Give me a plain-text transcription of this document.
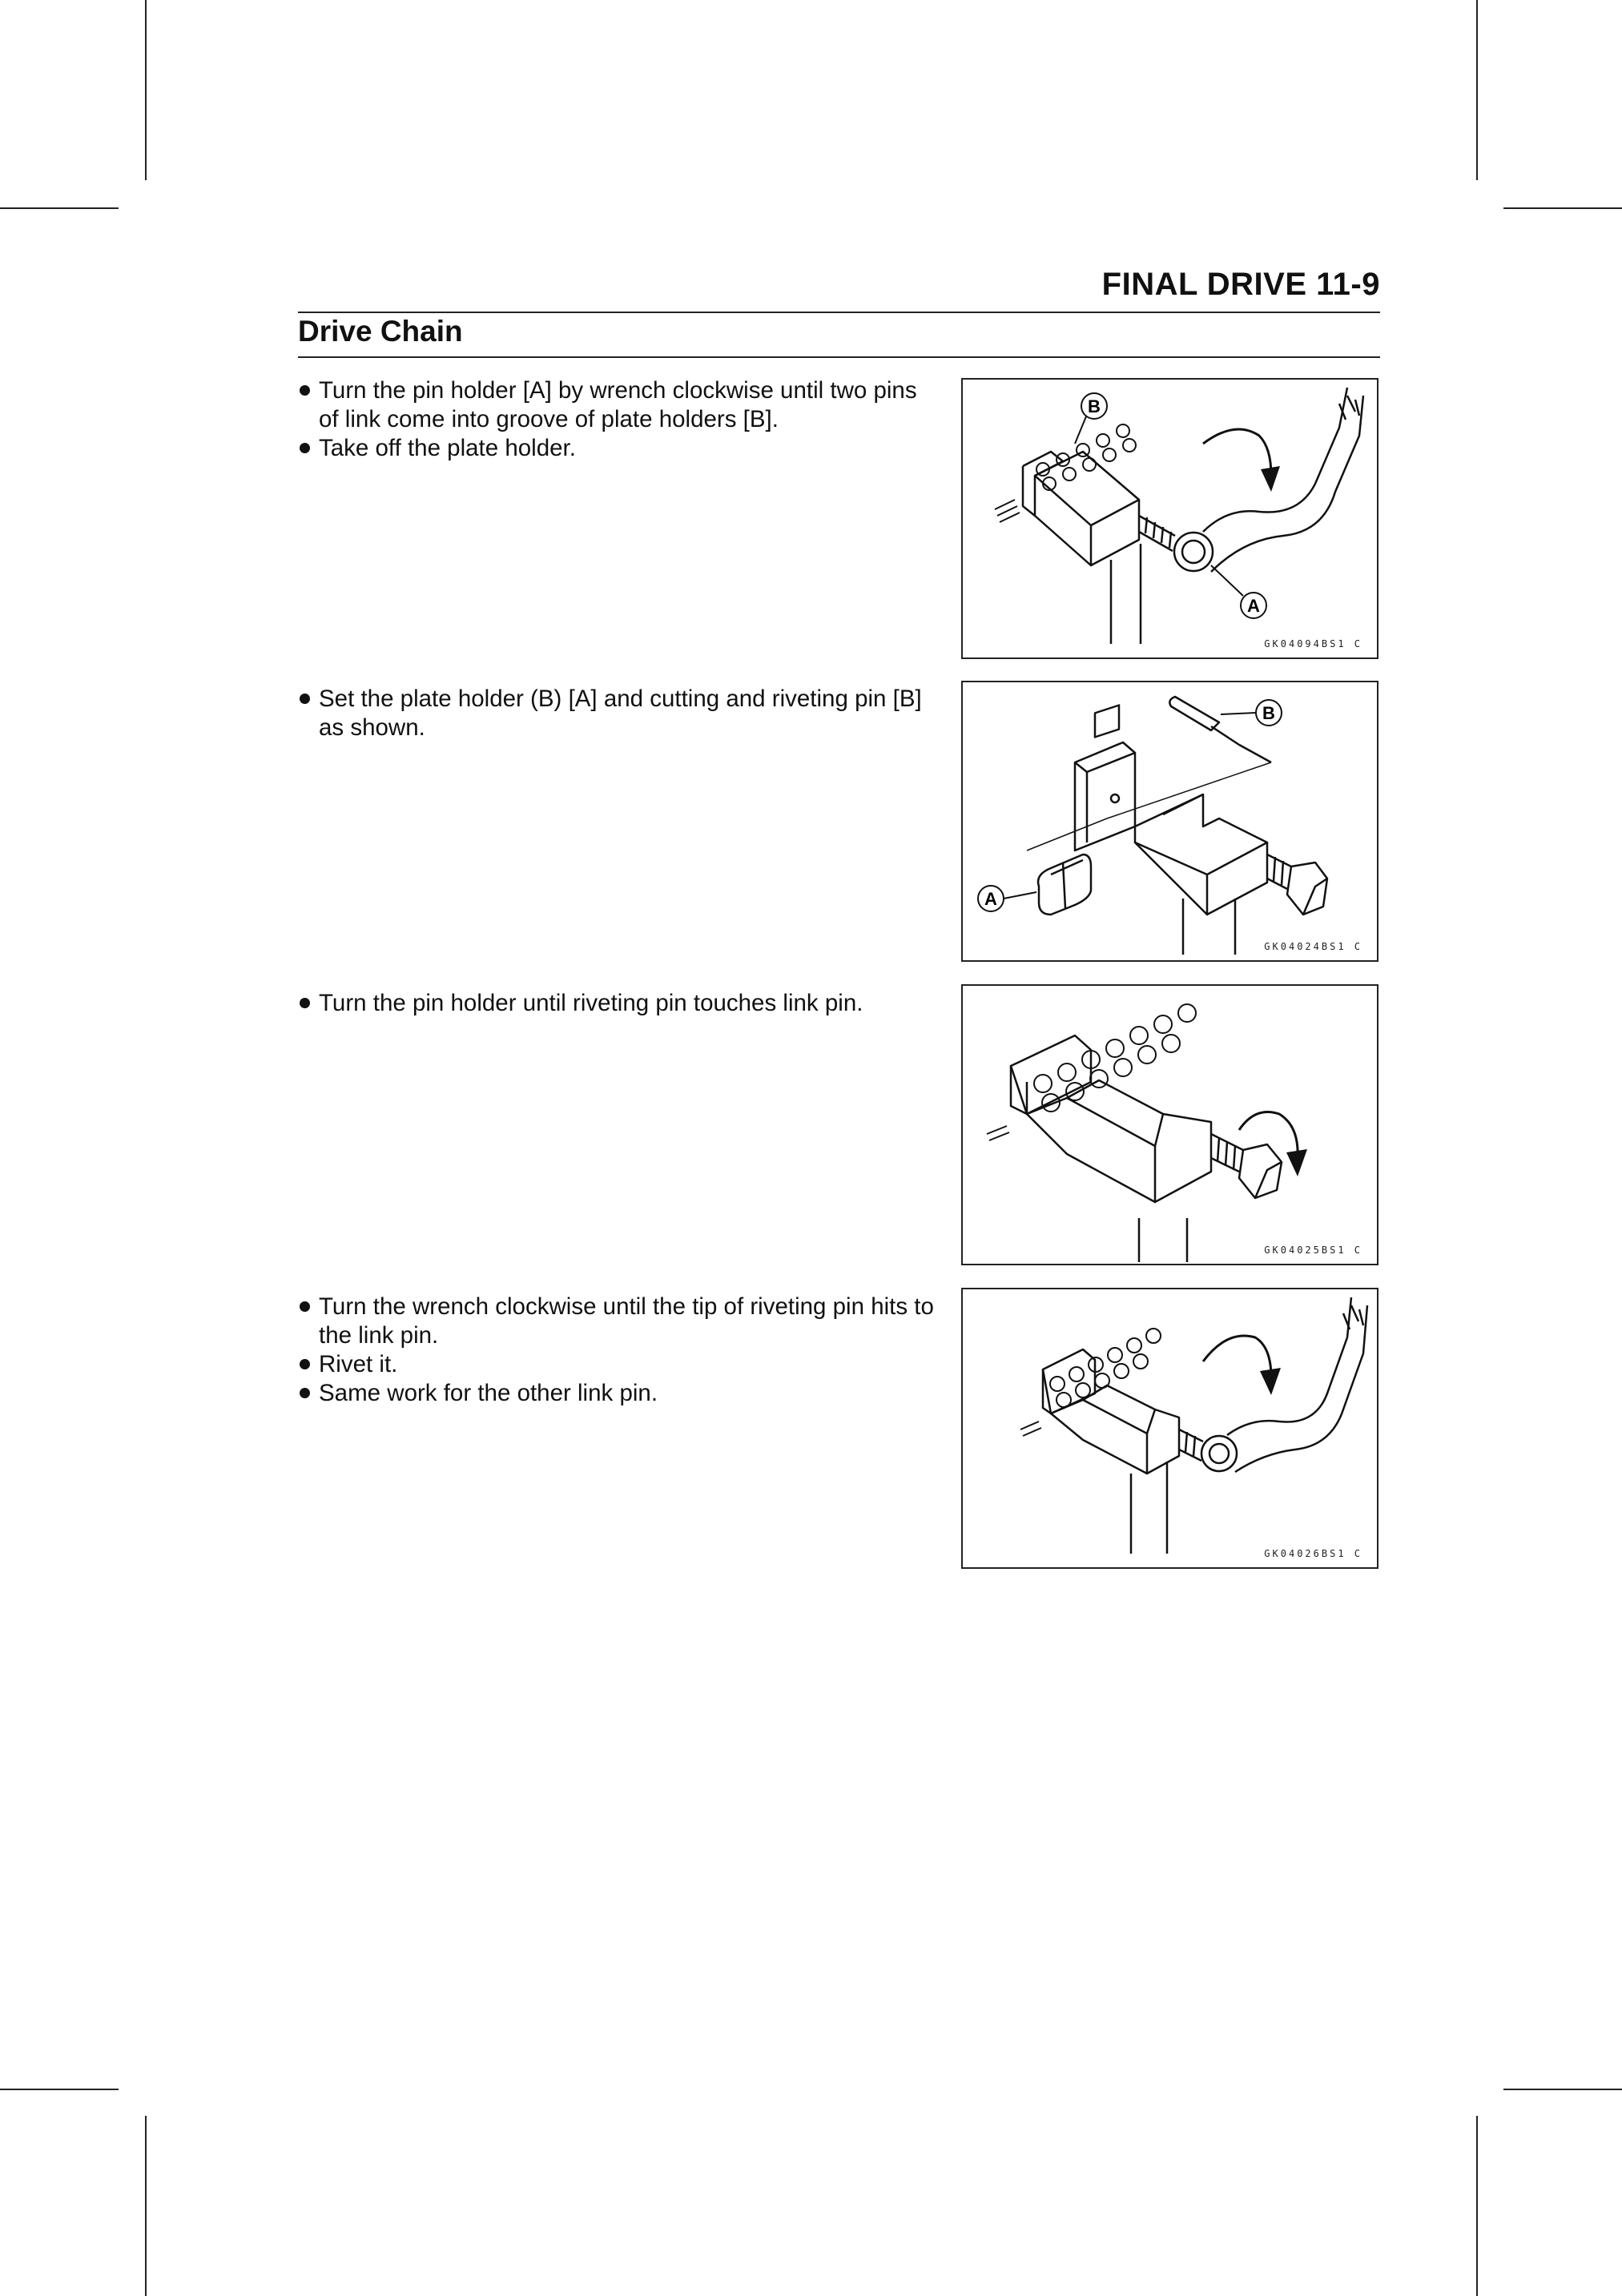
FINAL DRIVE 11-9
Drive Chain

Turn the pin holder [A] by wrench clockwise until two pins of link come into groove of plate holders [B].

Take off the plate holder.

B
A
GK04094BS1 C

Set the plate holder (B) [A] and cutting and riveting pin [B] as shown.

B
A
GK04024BS1 C

Turn the pin holder until riveting pin touches link pin.

GK04025BS1 C

Turn the wrench clockwise until the tip of riveting pin hits to the link pin.

Rivet it.

Same work for the other link pin.

GK04026BS1 C
